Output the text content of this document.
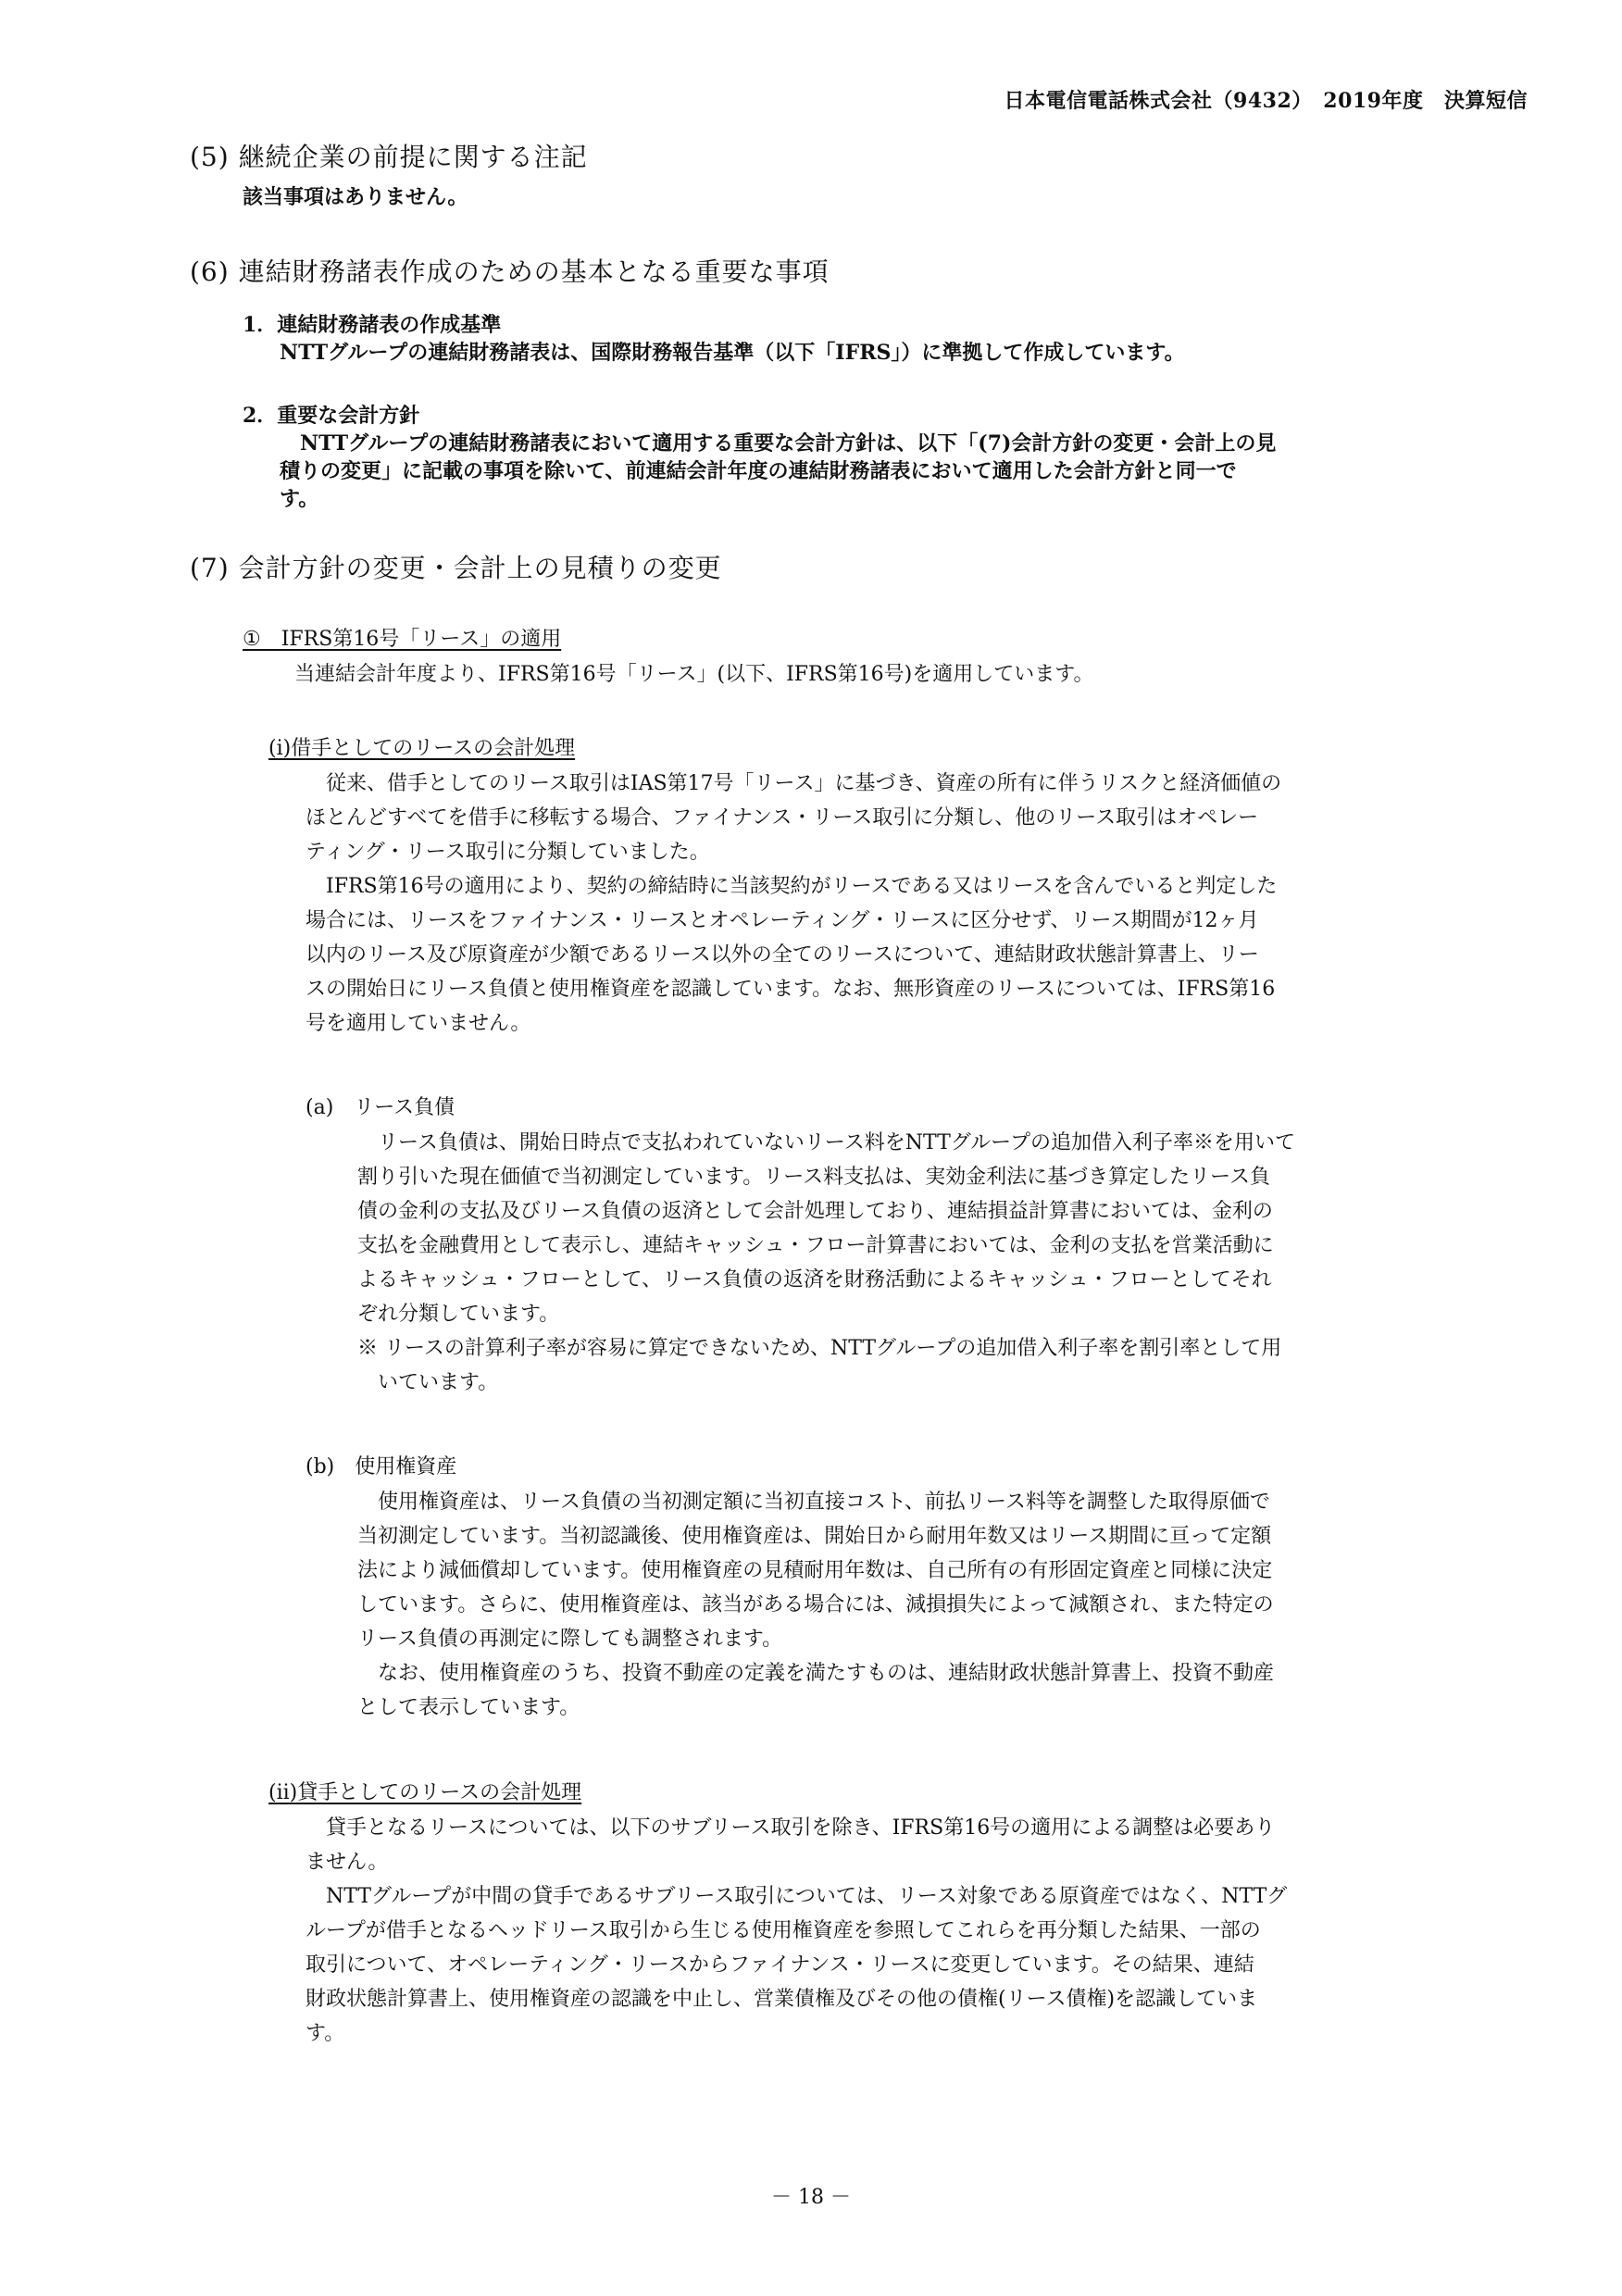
日本電信電話株式会社（9432）　2019年度　決算短信
(5) 継続企業の前提に関する注記
該当事項はありません。
(6) 連結財務諸表作成のための基本となる重要な事項
1．連結財務諸表の作成基準
NTTグループの連結財務諸表は、国際財務報告基準（以下「IFRS」）に準拠して作成しています。
2．重要な会計方針
　NTTグループの連結財務諸表において適用する重要な会計方針は、以下「(7)会計方針の変更・会計上の見
積りの変更」に記載の事項を除いて、前連結会計年度の連結財務諸表において適用した会計方針と同一で
す。
(7) 会計方針の変更・会計上の見積りの変更
①　IFRS第16号「リース」の適用
当連結会計年度より、IFRS第16号「リース」(以下、IFRS第16号)を適用しています。
(i)借手としてのリースの会計処理
　従来、借手としてのリース取引はIAS第17号「リース」に基づき、資産の所有に伴うリスクと経済価値の
ほとんどすべてを借手に移転する場合、ファイナンス・リース取引に分類し、他のリース取引はオペレー
ティング・リース取引に分類していました。
　IFRS第16号の適用により、契約の締結時に当該契約がリースである又はリースを含んでいると判定した
場合には、リースをファイナンス・リースとオペレーティング・リースに区分せず、リース期間が12ヶ月
以内のリース及び原資産が少額であるリース以外の全てのリースについて、連結財政状態計算書上、リー
スの開始日にリース負債と使用権資産を認識しています。なお、無形資産のリースについては、IFRS第16
号を適用していません。
(a)　リース負債
　リース負債は、開始日時点で支払われていないリース料をNTTグループの追加借入利子率※を用いて
割り引いた現在価値で当初測定しています。リース料支払は、実効金利法に基づき算定したリース負
債の金利の支払及びリース負債の返済として会計処理しており、連結損益計算書においては、金利の
支払を金融費用として表示し、連結キャッシュ・フロー計算書においては、金利の支払を営業活動に
よるキャッシュ・フローとして、リース負債の返済を財務活動によるキャッシュ・フローとしてそれ
ぞれ分類しています。
※ リースの計算利子率が容易に算定できないため、NTTグループの追加借入利子率を割引率として用
　いています。
(b)　使用権資産
　使用権資産は、リース負債の当初測定額に当初直接コスト、前払リース料等を調整した取得原価で
当初測定しています。当初認識後、使用権資産は、開始日から耐用年数又はリース期間に亘って定額
法により減価償却しています。使用権資産の見積耐用年数は、自己所有の有形固定資産と同様に決定
しています。さらに、使用権資産は、該当がある場合には、減損損失によって減額され、また特定の
リース負債の再測定に際しても調整されます。
　なお、使用権資産のうち、投資不動産の定義を満たすものは、連結財政状態計算書上、投資不動産
として表示しています。
(ii)貸手としてのリースの会計処理
　貸手となるリースについては、以下のサブリース取引を除き、IFRS第16号の適用による調整は必要あり
ません。
　NTTグループが中間の貸手であるサブリース取引については、リース対象である原資産ではなく、NTTグ
ループが借手となるヘッドリース取引から生じる使用権資産を参照してこれらを再分類した結果、一部の
取引について、オペレーティング・リースからファイナンス・リースに変更しています。その結果、連結
財政状態計算書上、使用権資産の認識を中止し、営業債権及びその他の債権(リース債権)を認識していま
す。
－ 18 －
